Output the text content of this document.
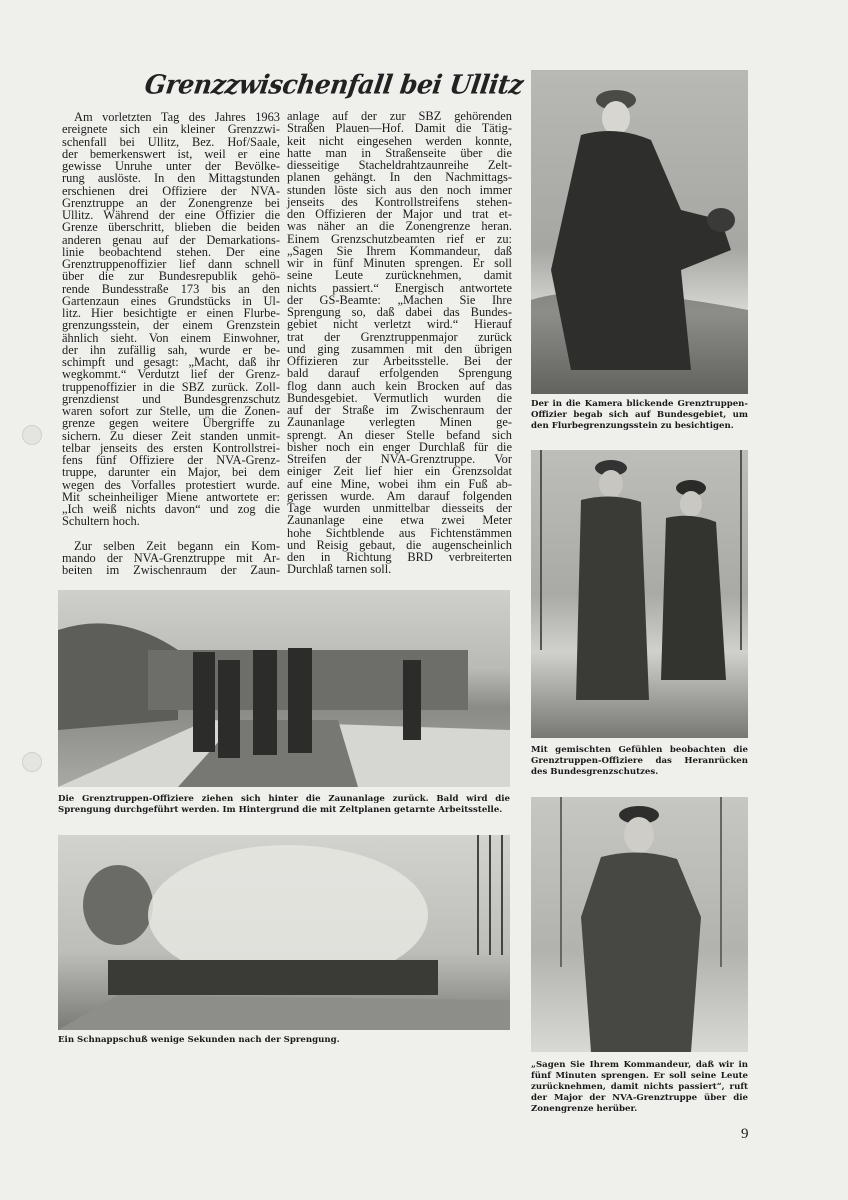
Grenzzwischenfall bei Ullitz
Am vorletzten Tag des Jahres 1963
ereignete sich ein kleiner Grenzzwi-
schenfall bei Ullitz, Bez. Hof/Saale,
der bemerkenswert ist, weil er eine
gewisse Unruhe unter der Bevölke-
rung auslöste. In den Mittagstunden
erschienen drei Offiziere der NVA-
Grenztruppe an der Zonengrenze bei
Ullitz. Während der eine Offizier die
Grenze überschritt, blieben die beiden
anderen genau auf der Demarkations-
linie beobachtend stehen. Der eine
Grenztruppenoffizier lief dann schnell
über die zur Bundesrepublik gehö-
rende Bundesstraße 173 bis an den
Gartenzaun eines Grundstücks in Ul-
litz. Hier besichtigte er einen Flurbe-
grenzungsstein, der einem Grenzstein
ähnlich sieht. Von einem Einwohner,
der ihn zufällig sah, wurde er be-
schimpft und gesagt: „Macht, daß ihr
wegkommt.“ Verdutzt lief der Grenz-
truppenoffizier in die SBZ zurück. Zoll-
grenzdienst und Bundesgrenzschutz
waren sofort zur Stelle, um die Zonen-
grenze gegen weitere Übergriffe zu
sichern. Zu dieser Zeit standen unmit-
telbar jenseits des ersten Kontrollstrei-
fens fünf Offiziere der NVA-Grenz-
truppe, darunter ein Major, bei dem
wegen des Vorfalles protestiert wurde.
Mit scheinheiliger Miene antwortete er:
„Ich weiß nichts davon“ und zog die
Schultern hoch.
Zur selben Zeit begann ein Kom-
mando der NVA-Grenztruppe mit Ar-
beiten im Zwischenraum der Zaun-
anlage auf der zur SBZ gehörenden
Straßen Plauen—Hof. Damit die Tätig-
keit nicht eingesehen werden konnte,
hatte man in Straßenseite über die
diesseitige Stacheldrahtzaunreihe Zelt-
planen gehängt. In den Nachmittags-
stunden löste sich aus den noch immer
jenseits des Kontrollstreifens stehen-
den Offizieren der Major und trat et-
was näher an die Zonengrenze heran.
Einem Grenzschutzbeamten rief er zu:
„Sagen Sie Ihrem Kommandeur, daß
wir in fünf Minuten sprengen. Er soll
seine Leute zurücknehmen, damit
nichts passiert.“ Energisch antwortete
der GS-Beamte: „Machen Sie Ihre
Sprengung so, daß dabei das Bundes-
gebiet nicht verletzt wird.“ Hierauf
trat der Grenztruppenmajor zurück
und ging zusammen mit den übrigen
Offizieren zur Arbeitsstelle. Bei der
bald darauf erfolgenden Sprengung
flog dann auch kein Brocken auf das
Bundesgebiet. Vermutlich wurden die
auf der Straße im Zwischenraum der
Zaunanlage verlegten Minen ge-
sprengt. An dieser Stelle befand sich
bisher noch ein enger Durchlaß für die
Streifen der NVA-Grenztruppe. Vor
einiger Zeit lief hier ein Grenzsoldat
auf eine Mine, wobei ihm ein Fuß ab-
gerissen wurde. Am darauf folgenden
Tage wurden unmittelbar diesseits der
Zaunanlage eine etwa zwei Meter
hohe Sichtblende aus Fichtenstämmen
und Reisig gebaut, die augenscheinlich
den in Richtung BRD verbreiterten
Durchlaß tarnen soll.
Der in die Kamera blickende Grenztruppen-
Offizier begab sich auf Bundesgebiet, um
den Flurbegrenzungsstein zu besichtigen.
Mit gemischten Gefühlen beobachten die
Grenztruppen-Offiziere das Heranrücken
des Bundesgrenzschutzes.
„Sagen Sie Ihrem Kommandeur, daß wir in
fünf Minuten sprengen. Er soll seine Leute
zurücknehmen, damit nichts passiert“, ruft
der Major der NVA-Grenztruppe über die
Zonengrenze herüber.
Die Grenztruppen-Offiziere ziehen sich hinter die Zaunanlage zurück. Bald wird die
Sprengung durchgeführt werden. Im Hintergrund die mit Zeltplanen getarnte Arbeitsstelle.
Ein Schnappschuß wenige Sekunden nach der Sprengung.
9
